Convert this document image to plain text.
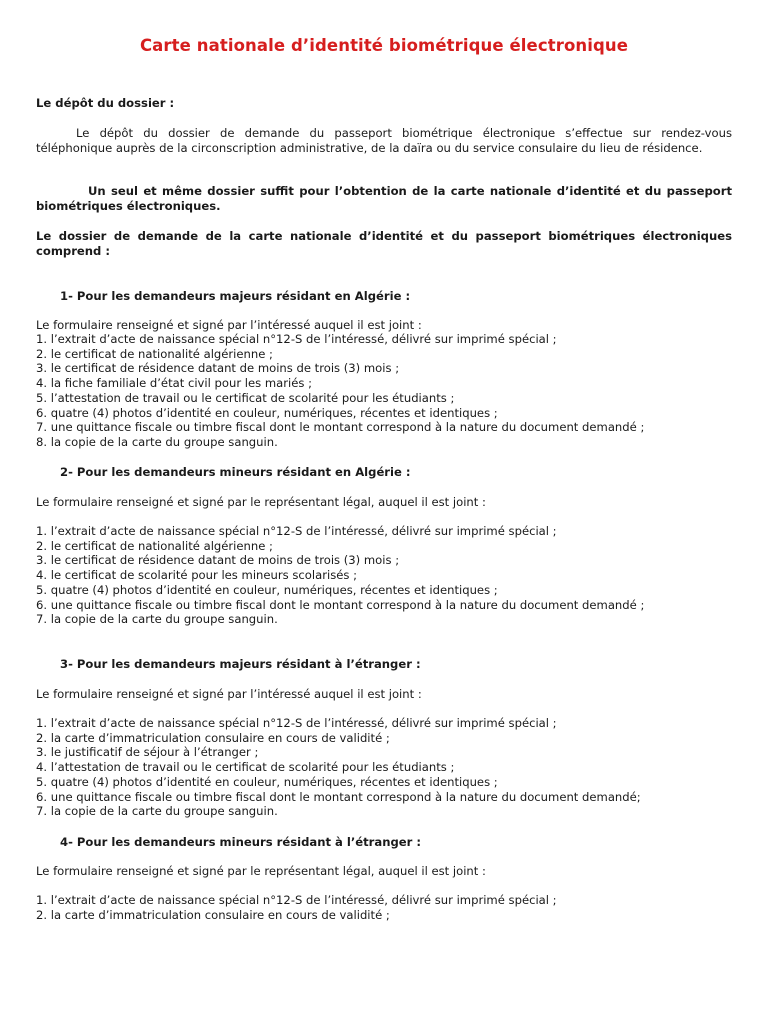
Carte nationale d’identité biométrique électronique
Le dépôt du dossier :
Le dépôt du dossier de demande du passeport biométrique électronique s’effectue sur rendez-vous téléphonique auprès de la circonscription administrative, de la daïra ou du service consulaire du lieu de résidence.
Un seul et même dossier suffit pour l’obtention de la carte nationale d’identité et du passeport biométriques électroniques.
Le dossier de demande de la carte nationale d’identité et du passeport biométriques électroniques comprend :
1- Pour les demandeurs majeurs résidant en Algérie :
Le formulaire renseigné et signé par l’intéressé auquel il est joint :
1. l’extrait d’acte de naissance spécial n°12-S de l’intéressé, délivré sur imprimé spécial ;
2. le certificat de nationalité algérienne ;
3. le certificat de résidence datant de moins de trois (3) mois ;
4. la fiche familiale d’état civil pour les mariés ;
5. l’attestation de travail ou le certificat de scolarité pour les étudiants ;
6. quatre (4) photos d’identité en couleur, numériques, récentes et identiques ;
7. une quittance fiscale ou timbre fiscal dont le montant correspond à la nature du document demandé ;
8. la copie de la carte du groupe sanguin.
2- Pour les demandeurs mineurs résidant en Algérie :
Le formulaire renseigné et signé par le représentant légal, auquel il est joint :
1. l’extrait d’acte de naissance spécial n°12-S de l’intéressé, délivré sur imprimé spécial ;
2. le certificat de nationalité algérienne ;
3. le certificat de résidence datant de moins de trois (3) mois ;
4. le certificat de scolarité pour les mineurs scolarisés ;
5. quatre (4) photos d’identité en couleur, numériques, récentes et identiques ;
6. une quittance fiscale ou timbre fiscal dont le montant correspond à la nature du document demandé ;
7. la copie de la carte du groupe sanguin.
3- Pour les demandeurs majeurs résidant à l’étranger :
Le formulaire renseigné et signé par l’intéressé auquel il est joint :
1. l’extrait d’acte de naissance spécial n°12-S de l’intéressé, délivré sur imprimé spécial ;
2. la carte d’immatriculation consulaire en cours de validité ;
3. le justificatif de séjour à l’étranger ;
4. l’attestation de travail ou le certificat de scolarité pour les étudiants ;
5. quatre (4) photos d’identité en couleur, numériques, récentes et identiques ;
6. une quittance fiscale ou timbre fiscal dont le montant correspond à la nature du document demandé;
7. la copie de la carte du groupe sanguin.
4- Pour les demandeurs mineurs résidant à l’étranger :
Le formulaire renseigné et signé par le représentant légal, auquel il est joint :
1. l’extrait d’acte de naissance spécial n°12-S de l’intéressé, délivré sur imprimé spécial ;
2. la carte d’immatriculation consulaire en cours de validité ;
